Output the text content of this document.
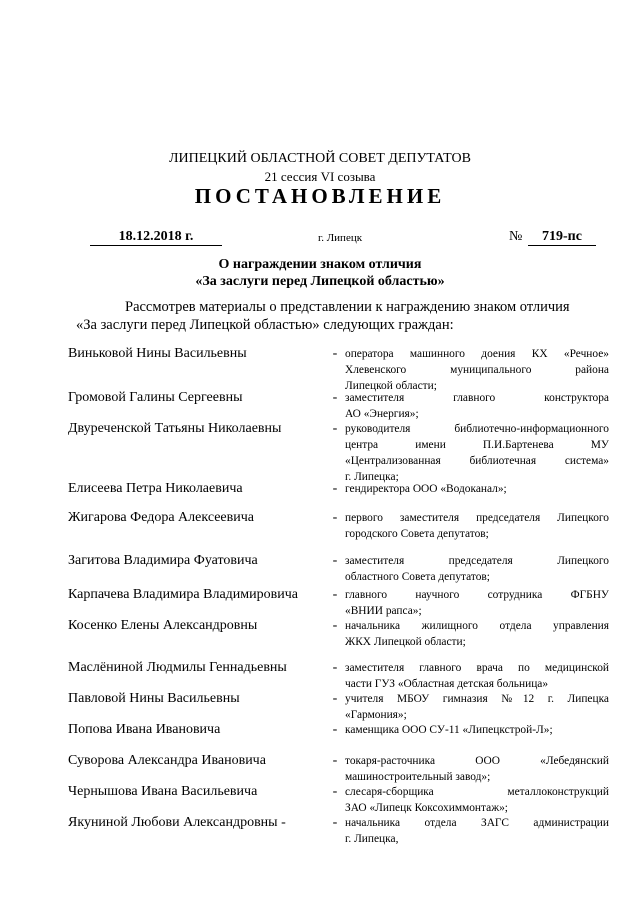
ЛИПЕЦКИЙ ОБЛАСТНОЙ СОВЕТ ДЕПУТАТОВ
21 сессия VI созыва
ПОСТАНОВЛЕНИЕ
18.12.2018 г.	г. Липецк	№	719-пс
О награждении знаком отличия
«За заслуги перед Липецкой областью»
Рассмотрев материалы о представлении к награждению знаком отличия
«За заслуги перед Липецкой областью» следующих граждан:
Виньковой Нины Васильевны	- оператора машинного доения КХ «Речное»
Хлевенского муниципального района
Липецкой области;
Громовой Галины Сергеевны	- заместителя главного конструктора
АО «Энергия»;
Двуреченской Татьяны Николаевны	- руководителя библиотечно-информационного
центра имени П.И.Бартенева МУ
«Централизованная библиотечная система»
г. Липецка;
Елисеева Петра Николаевича	- гендиректора ООО «Водоканал»;
Жигарова Федора Алексеевича	- первого заместителя председателя Липецкого
городского Совета депутатов;
Загитова Владимира Фуатовича	- заместителя председателя Липецкого
областного Совета депутатов;
Карпачева Владимира Владимировича	- главного научного сотрудника ФГБНУ
«ВНИИ рапса»;
Косенко Елены Александровны	- начальника жилищного отдела управления
ЖКХ Липецкой области;
Маслёниной Людмилы Геннадьевны	- заместителя главного врача по медицинской
части ГУЗ «Областная детская больница»
Павловой Нины Васильевны	- учителя МБОУ гимназия №12 г. Липецка
«Гармония»;
Попова Ивана Ивановича	- каменщика ООО СУ-11 «Липецкстрой-Л»;
Суворова Александра Ивановича	- токаря-расточника ООО «Лебедянский
машиностроительный завод»;
Чернышова Ивана Васильевича	- слесаря-сборщика металлоконструкций
ЗАО «Липецк Коксохиммонтаж»;
Якуниной Любови Александровны -	- начальника отдела ЗАГС администрации
г. Липецка,
